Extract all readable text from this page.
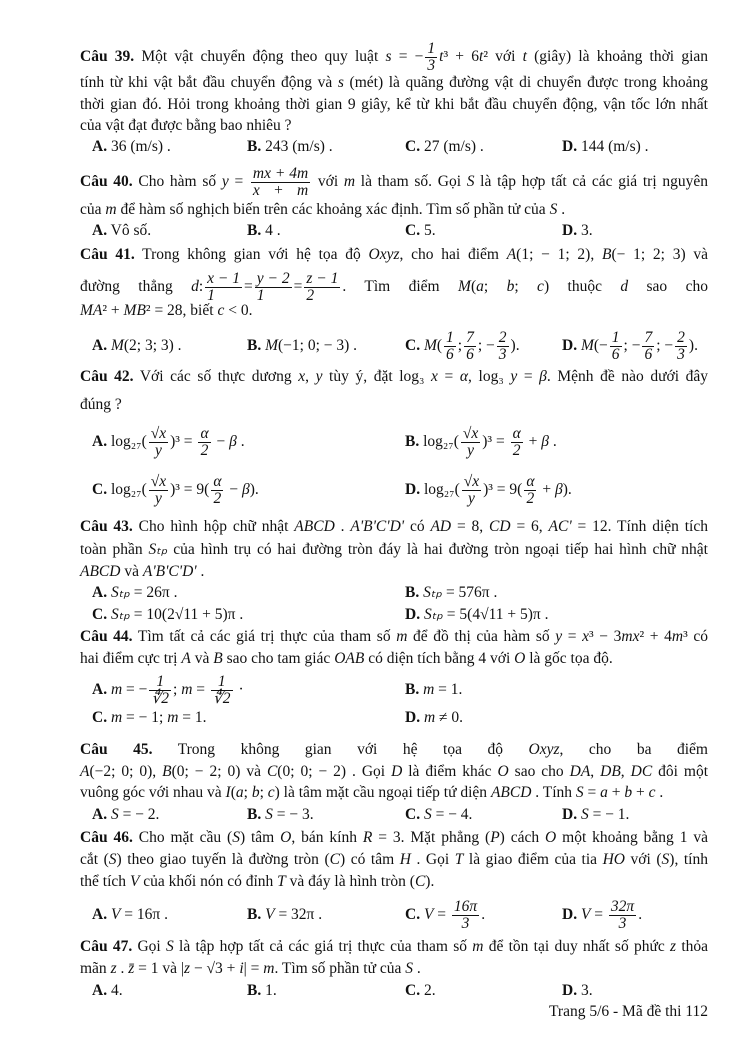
Câu 39. Một vật chuyển động theo quy luật s = − $\frac{1}{3} t^3 + 6t^2$ với t (giây) là khoảng thời gian
tính từ khi vật bắt đầu chuyển động và s (mét) là quãng đường vật di chuyển được trong khoảng
thời gian đó. Hỏi trong khoảng thời gian 9 giây, kể từ khi bắt đầu chuyển động, vận tốc lớn nhất
của vật đạt được bằng bao nhiêu ?
A. 36 (m/s) .	B. 243 (m/s) .	C. 27 (m/s) .	D. 144 (m/s) .
Câu 40. Cho hàm số $y = \frac{mx + 4m}{x + m}$ với m là tham số. Gọi S là tập hợp tất cả các giá trị nguyên
của m để hàm số nghịch biến trên các khoảng xác định. Tìm số phần tử của S .
A. Vô số.	B. 4 .	C. 5.	D. 3.
Câu 41. Trong không gian với hệ tọa độ Oxyz, cho hai điểm A(1; − 1; 2), B(− 1; 2; 3) và
đường thẳng d: $\frac{x - 1}{1} = \frac{y - 2}{1} = \frac{z - 1}{2}$ . Tìm điểm M(a; b; c) thuộc d sao cho
MA² + MB² = 28, biết c < 0.
A. M(2; 3; 3) .	B. M(−1; 0; − 3) .	C. $M( \frac{1}{6}$ ; $\frac{7}{6}$ ; − $\frac{2}{3}$ ).	D. $M(- \frac{1}{6}$ ; − $\frac{7}{6}$ ; − $\frac{2}{3}$ ).
Câu 42. Với các số thực dương x, y tùy ý, đặt log₃ x = α, log₃ y = β. Mệnh đề nào dưới đây
đúng ?
A. $\log_{27}( \frac{√x}{y} )^3 = \frac{\alpha}{2} - \beta$ .	B. $\log_{27}( \frac{√x}{y} )^3 = \frac{\alpha}{2} + \beta$ .
C. $\log_{27}( \frac{√x}{y} )^3 = 9( \frac{\alpha}{2} - \beta)$.	D. $\log_{27}( \frac{√x}{y} )^3 = 9( \frac{\alpha}{2} + \beta)$.
Câu 43. Cho hình hộp chữ nhật ABCD . A'B'C'D' có AD = 8, CD = 6, AC' = 12. Tính diện tích
toàn phần Sₜₚ của hình trụ có hai đường tròn đáy là hai đường tròn ngoại tiếp hai hình chữ nhật
ABCD và A'B'C'D' .
A. Sₜₚ = 26π .	B. Sₜₚ = 576π .
C. Sₜₚ = 10(2√11 + 5)π .	D. Sₜₚ = 5(4√11 + 5)π .
Câu 44. Tìm tất cả các giá trị thực của tham số m để đồ thị của hàm số y = x³ − 3mx² + 4m³ có
hai điểm cực trị A và B sao cho tam giác OAB có diện tích bằng 4 với O là gốc tọa độ.
A. m = − $\frac{1}{∜2}$ ; $m = \frac{1}{∜2}$ ·	B. m = 1.
C. m = − 1; m = 1.	D. m ≠ 0.
Câu 45. Trong không gian với hệ tọa độ Oxyz, cho ba điểm
A(−2; 0; 0), B(0; − 2; 0) và C(0; 0; − 2) . Gọi D là điểm khác O sao cho DA, DB, DC đôi một
vuông góc với nhau và I(a; b; c) là tâm mặt cầu ngoại tiếp tứ diện ABCD . Tính S = a + b + c .
A. S = − 2.	B. S = − 3.	C. S = − 4.	D. S = − 1.
Câu 46. Cho mặt cầu (S) tâm O, bán kính R = 3. Mặt phẳng (P) cách O một khoảng bằng 1 và
cắt (S) theo giao tuyến là đường tròn (C) có tâm H . Gọi T là giao điểm của tia HO với (S), tính
thể tích V của khối nón có đỉnh T và đáy là hình tròn (C).
A. V = 16π .	B. V = 32π .	C. $V = \frac{16\pi}{3}$ .	D. $V = \frac{32\pi}{3}$ .
Câu 47. Gọi S là tập hợp tất cả các giá trị thực của tham số m để tồn tại duy nhất số phức z thỏa
mãn z . z̄ = 1 và |z − √3 + i| = m. Tìm số phần tử của S .
A. 4.	B. 1.	C. 2.	D. 3.
Trang 5/6 - Mã đề thi 112
